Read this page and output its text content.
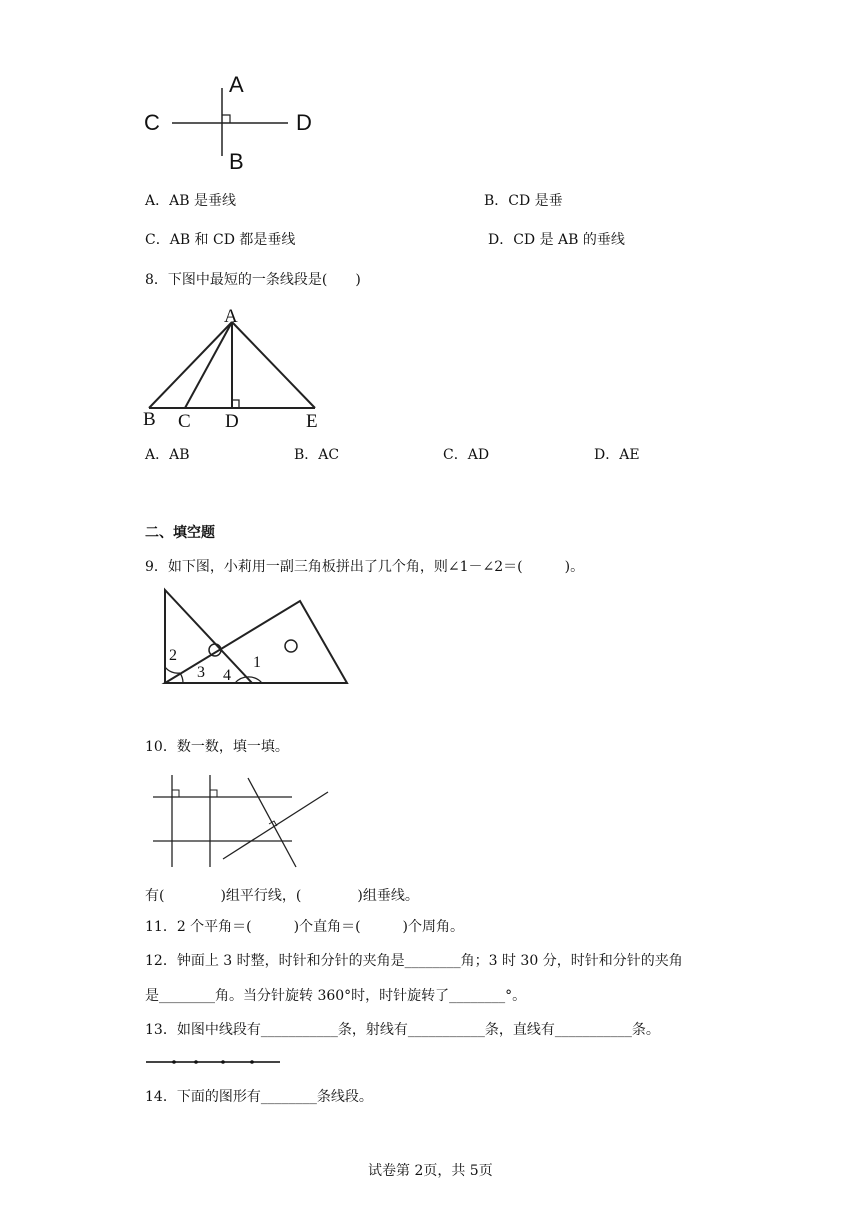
A
B
C	D
A．AB 是垂线	B．CD 是垂
C．AB 和 CD 都是垂线	D．CD 是 AB 的垂线
8．下图中最短的一条线段是(　　)
A
B C D	E
A．AB	B．AC	C．AD	D．AE
二、填空题
9．如下图，小莉用一副三角板拼出了几个角，则∠1－∠2＝(　　　)。
2
3 4
1
10．数一数，填一填。
有(　　　　)组平行线，(　　　　)组垂线。
11．2 个平角＝(　　　)个直角＝(　　　)个周角。
12．钟面上 3 时整，时针和分针的夹角是________角；3 时 30 分，时针和分针的夹角
是________角。当分针旋转 360°时，时针旋转了________°。
13．如图中线段有___________条，射线有___________条，直线有___________条。
14．下面的图形有________条线段。
试卷第 2页，共 5页
